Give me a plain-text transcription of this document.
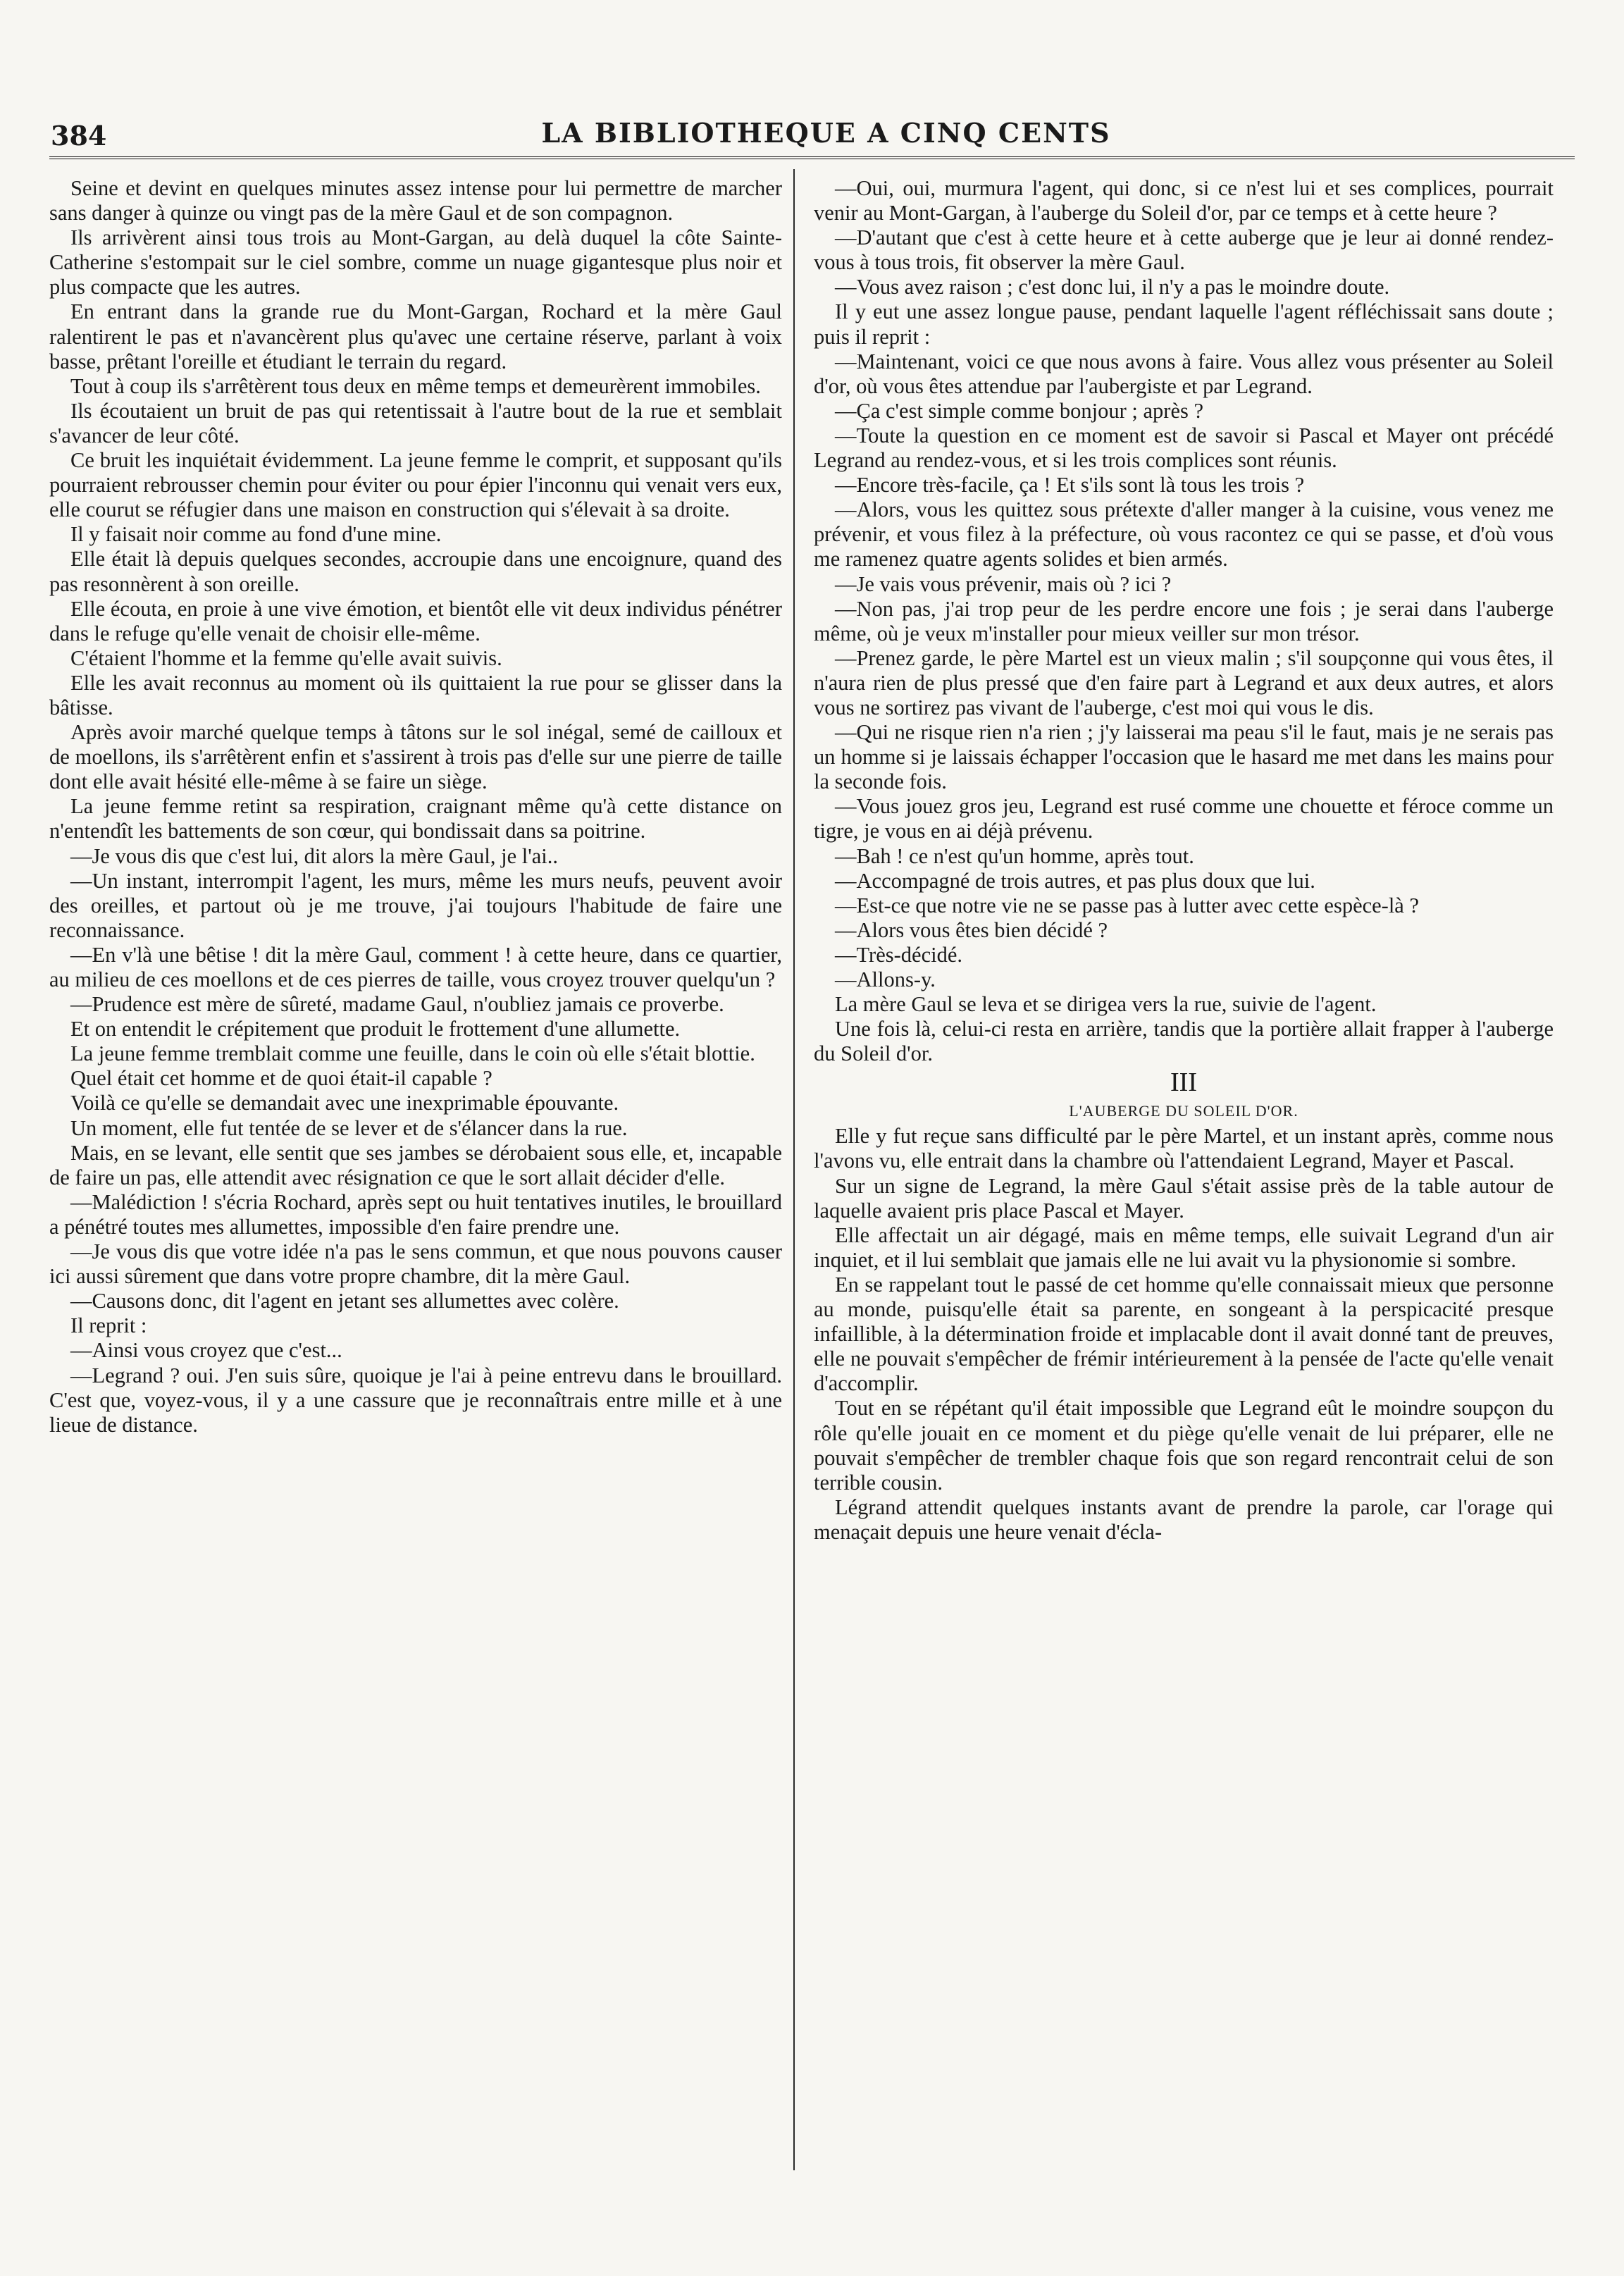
384	LA BIBLIOTHEQUE A CINQ CENTS

Seine et devint en quelques minutes assez intense pour lui permettre de marcher sans danger à quinze ou vingt pas de la mère Gaul et de son compagnon.

Ils arrivèrent ainsi tous trois au Mont-Gargan, au delà duquel la côte Sainte-Catherine s'estompait sur le ciel sombre, comme un nuage gigantesque plus noir et plus compacte que les autres.

En entrant dans la grande rue du Mont-Gargan, Rochard et la mère Gaul ralentirent le pas et n'avancèrent plus qu'avec une certaine réserve, parlant à voix basse, prêtant l'oreille et étudiant le terrain du regard.

Tout à coup ils s'arrêtèrent tous deux en même temps et demeurèrent immobiles.

Ils écoutaient un bruit de pas qui retentissait à l'autre bout de la rue et semblait s'avancer de leur côté.

Ce bruit les inquiétait évidemment. La jeune femme le comprit, et supposant qu'ils pourraient rebrousser chemin pour éviter ou pour épier l'inconnu qui venait vers eux, elle courut se réfugier dans une maison en construction qui s'élevait à sa droite.

Il y faisait noir comme au fond d'une mine.

Elle était là depuis quelques secondes, accroupie dans une encoignure, quand des pas resonnèrent à son oreille.

Elle écouta, en proie à une vive émotion, et bientôt elle vit deux individus pénétrer dans le refuge qu'elle venait de choisir elle-même.

C'étaient l'homme et la femme qu'elle avait suivis.

Elle les avait reconnus au moment où ils quittaient la rue pour se glisser dans la bâtisse.

Après avoir marché quelque temps à tâtons sur le sol inégal, semé de cailloux et de moellons, ils s'arrêtèrent enfin et s'assirent à trois pas d'elle sur une pierre de taille dont elle avait hésité elle-même à se faire un siège.

La jeune femme retint sa respiration, craignant même qu'à cette distance on n'entendît les battements de son cœur, qui bondissait dans sa poitrine.

—Je vous dis que c'est lui, dit alors la mère Gaul, je l'ai..

—Un instant, interrompit l'agent, les murs, même les murs neufs, peuvent avoir des oreilles, et partout où je me trouve, j'ai toujours l'habitude de faire une reconnaissance.

—En v'là une bêtise ! dit la mère Gaul, comment ! à cette heure, dans ce quartier, au milieu de ces moellons et de ces pierres de taille, vous croyez trouver quelqu'un ?

—Prudence est mère de sûreté, madame Gaul, n'oubliez jamais ce proverbe.

Et on entendit le crépitement que produit le frottement d'une allumette.

La jeune femme tremblait comme une feuille, dans le coin où elle s'était blottie.

Quel était cet homme et de quoi était-il capable ?

Voilà ce qu'elle se demandait avec une inexprimable épouvante.

Un moment, elle fut tentée de se lever et de s'élancer dans la rue.

Mais, en se levant, elle sentit que ses jambes se dérobaient sous elle, et, incapable de faire un pas, elle attendit avec résignation ce que le sort allait décider d'elle.

—Malédiction ! s'écria Rochard, après sept ou huit tentatives inutiles, le brouillard a pénétré toutes mes allumettes, impossible d'en faire prendre une.

—Je vous dis que votre idée n'a pas le sens commun, et que nous pouvons causer ici aussi sûrement que dans votre propre chambre, dit la mère Gaul.

—Causons donc, dit l'agent en jetant ses allumettes avec colère.

Il reprit :

—Ainsi vous croyez que c'est...

—Legrand ? oui. J'en suis sûre, quoique je l'ai à peine entrevu dans le brouillard. C'est que, voyez-vous, il y a une cassure que je reconnaîtrais entre mille et à une lieue de distance.

—Oui, oui, murmura l'agent, qui donc, si ce n'est lui et ses complices, pourrait venir au Mont-Gargan, à l'auberge du Soleil d'or, par ce temps et à cette heure ?

—D'autant que c'est à cette heure et à cette auberge que je leur ai donné rendez-vous à tous trois, fit observer la mère Gaul.

—Vous avez raison ; c'est donc lui, il n'y a pas le moindre doute.

Il y eut une assez longue pause, pendant laquelle l'agent réfléchissait sans doute ; puis il reprit :

—Maintenant, voici ce que nous avons à faire. Vous allez vous présenter au Soleil d'or, où vous êtes attendue par l'aubergiste et par Legrand.

—Ça c'est simple comme bonjour ; après ?

—Toute la question en ce moment est de savoir si Pascal et Mayer ont précédé Legrand au rendez-vous, et si les trois complices sont réunis.

—Encore très-facile, ça ! Et s'ils sont là tous les trois ?

—Alors, vous les quittez sous prétexte d'aller manger à la cuisine, vous venez me prévenir, et vous filez à la préfecture, où vous racontez ce qui se passe, et d'où vous me ramenez quatre agents solides et bien armés.

—Je vais vous prévenir, mais où ? ici ?

—Non pas, j'ai trop peur de les perdre encore une fois ; je serai dans l'auberge même, où je veux m'installer pour mieux veiller sur mon trésor.

—Prenez garde, le père Martel est un vieux malin ; s'il soupçonne qui vous êtes, il n'aura rien de plus pressé que d'en faire part à Legrand et aux deux autres, et alors vous ne sortirez pas vivant de l'auberge, c'est moi qui vous le dis.

—Qui ne risque rien n'a rien ; j'y laisserai ma peau s'il le faut, mais je ne serais pas un homme si je laissais échapper l'occasion que le hasard me met dans les mains pour la seconde fois.

—Vous jouez gros jeu, Legrand est rusé comme une chouette et féroce comme un tigre, je vous en ai déjà prévenu.

—Bah ! ce n'est qu'un homme, après tout.

—Accompagné de trois autres, et pas plus doux que lui.

—Est-ce que notre vie ne se passe pas à lutter avec cette espèce-là ?

—Alors vous êtes bien décidé ?

—Très-décidé.

—Allons-y.

La mère Gaul se leva et se dirigea vers la rue, suivie de l'agent.

Une fois là, celui-ci resta en arrière, tandis que la portière allait frapper à l'auberge du Soleil d'or.

III

L'AUBERGE DU SOLEIL D'OR.

Elle y fut reçue sans difficulté par le père Martel, et un instant après, comme nous l'avons vu, elle entrait dans la chambre où l'attendaient Legrand, Mayer et Pascal.

Sur un signe de Legrand, la mère Gaul s'était assise près de la table autour de laquelle avaient pris place Pascal et Mayer.

Elle affectait un air dégagé, mais en même temps, elle suivait Legrand d'un air inquiet, et il lui semblait que jamais elle ne lui avait vu la physionomie si sombre.

En se rappelant tout le passé de cet homme qu'elle connaissait mieux que personne au monde, puisqu'elle était sa parente, en songeant à la perspicacité presque infaillible, à la détermination froide et implacable dont il avait donné tant de preuves, elle ne pouvait s'empêcher de frémir intérieurement à la pensée de l'acte qu'elle venait d'accomplir.

Tout en se répétant qu'il était impossible que Legrand eût le moindre soupçon du rôle qu'elle jouait en ce moment et du piège qu'elle venait de lui préparer, elle ne pouvait s'empêcher de trembler chaque fois que son regard rencontrait celui de son terrible cousin.

Légrand attendit quelques instants avant de prendre la parole, car l'orage qui menaçait depuis une heure venait d'écla-
